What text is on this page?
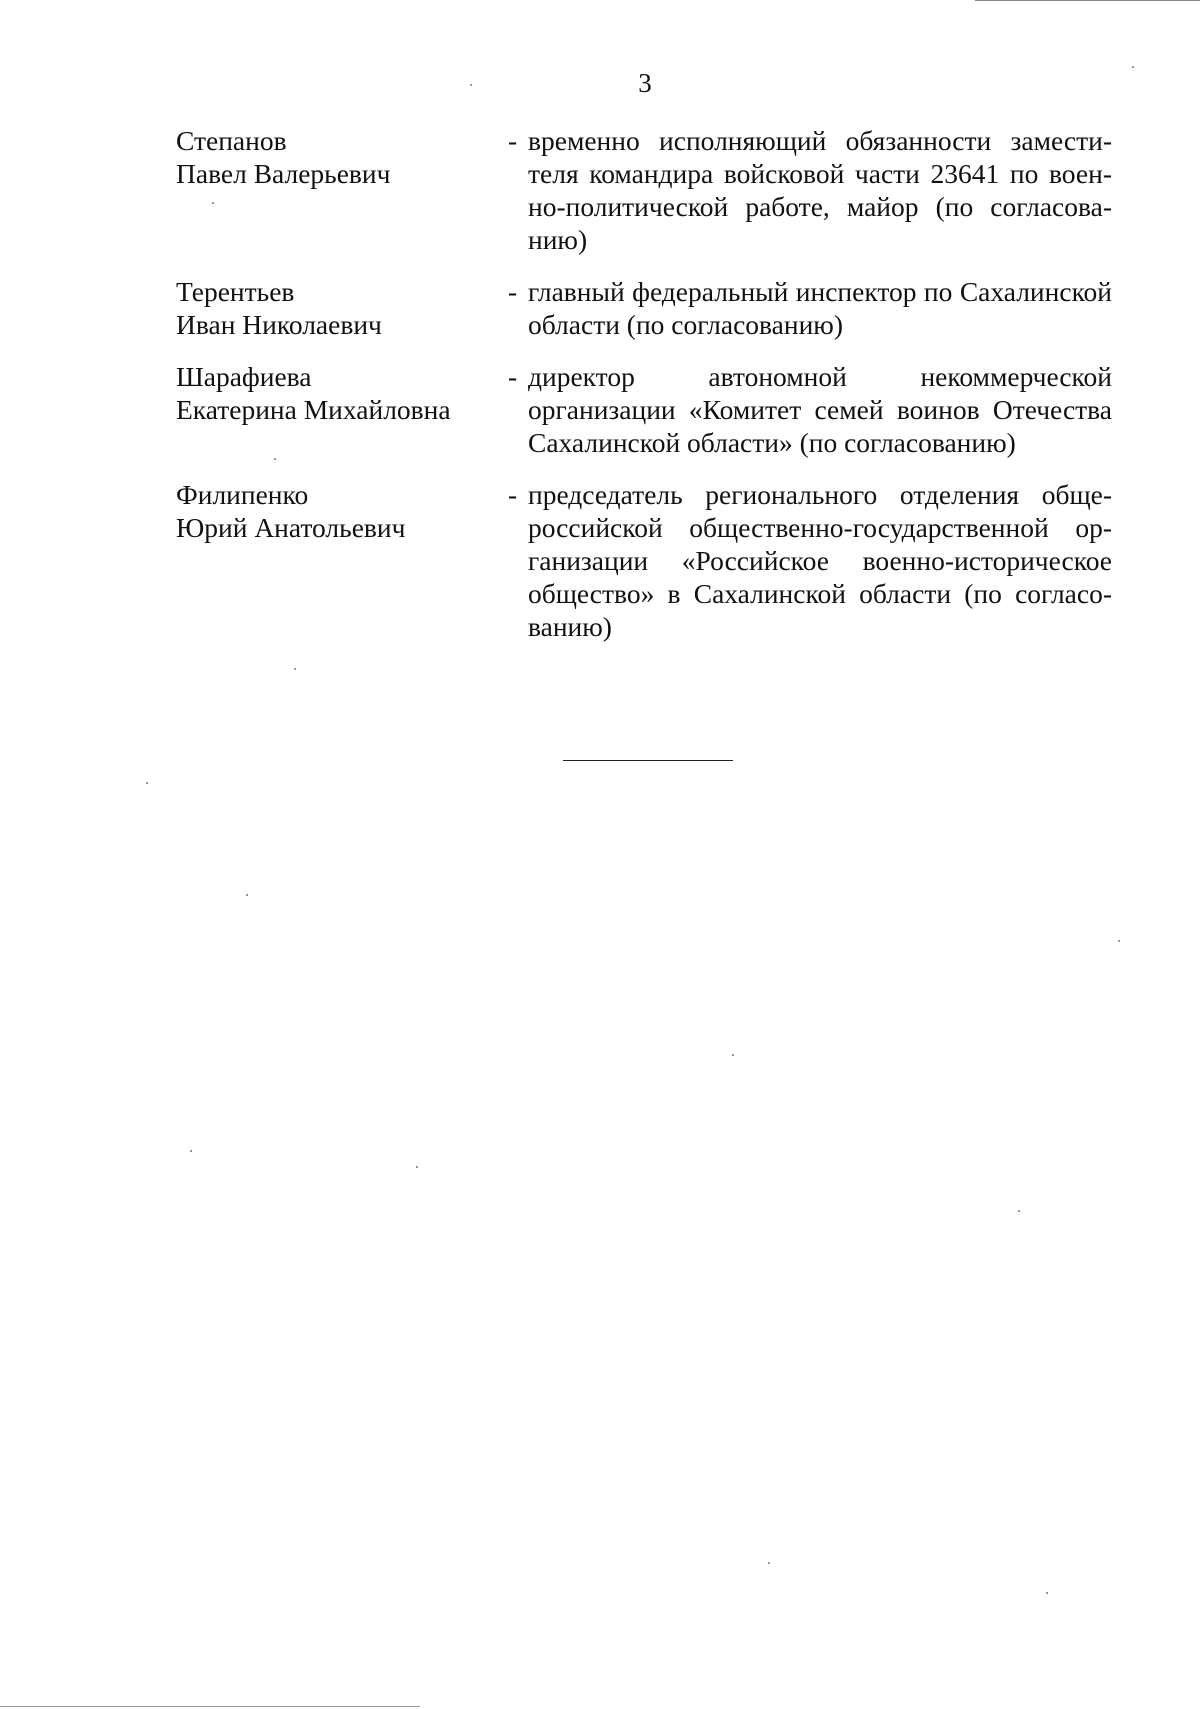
3
Степанов
Павел Валерьевич
- временно исполняющий обязанности заместителя командира войсковой части 23641 по военно-политической работе, майор (по согласованию)
Терентьев
Иван Николаевич
- главный федеральный инспектор по Сахалинской области (по согласованию)
Шарафиева
Екатерина Михайловна
- директор автономной некоммерческой организации «Комитет семей воинов Отечества Сахалинской области» (по согласованию)
Филипенко
Юрий Анатольевич
- председатель регионального отделения общероссийской общественно-государственной организации «Российское военно-историческое общество» в Сахалинской области (по согласованию)
